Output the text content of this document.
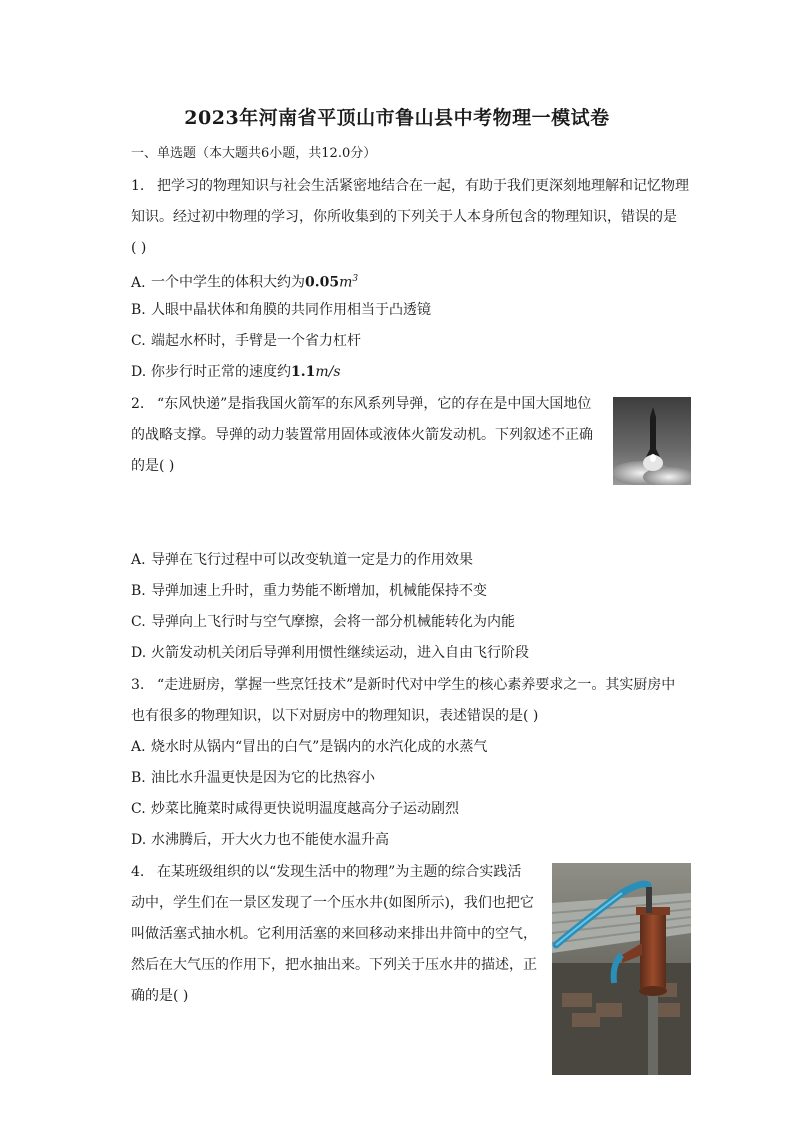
2023年河南省平顶山市鲁山县中考物理一模试卷
一、单选题（本大题共6小题，共12.0分）
1. 把学习的物理知识与社会生活紧密地结合在一起，有助于我们更深刻地理解和记忆物理
知识。经过初中物理的学习，你所收集到的下列关于人本身所包含的物理知识，错误的是
( )
A. 一个中学生的体积大约为$0.05m^3$
B. 人眼中晶状体和角膜的共同作用相当于凸透镜
C. 端起水杯时，手臂是一个省力杠杆
D. 你步行时正常的速度约1.1m/s
2. “东风快递”是指我国火箭军的东风系列导弹，它的存在是中国大国地位
的战略支撑。导弹的动力装置常用固体或液体火箭发动机。下列叙述不正确
的是( )
A. 导弹在飞行过程中可以改变轨道一定是力的作用效果
B. 导弹加速上升时，重力势能不断增加，机械能保持不变
C. 导弹向上飞行时与空气摩擦，会将一部分机械能转化为内能
D. 火箭发动机关闭后导弹利用惯性继续运动，进入自由飞行阶段
3. “走进厨房，掌握一些烹饪技术”是新时代对中学生的核心素养要求之一。其实厨房中
也有很多的物理知识，以下对厨房中的物理知识，表述错误的是( )
A. 烧水时从锅内“冒出的白气”是锅内的水汽化成的水蒸气
B. 油比水升温更快是因为它的比热容小
C. 炒菜比腌菜时咸得更快说明温度越高分子运动剧烈
D. 水沸腾后，开大火力也不能使水温升高
4. 在某班级组织的以“发现生活中的物理”为主题的综合实践活
动中，学生们在一景区发现了一个压水井(如图所示)，我们也把它
叫做活塞式抽水机。它利用活塞的来回移动来排出井筒中的空气，
然后在大气压的作用下，把水抽出来。下列关于压水井的描述，正
确的是( )
